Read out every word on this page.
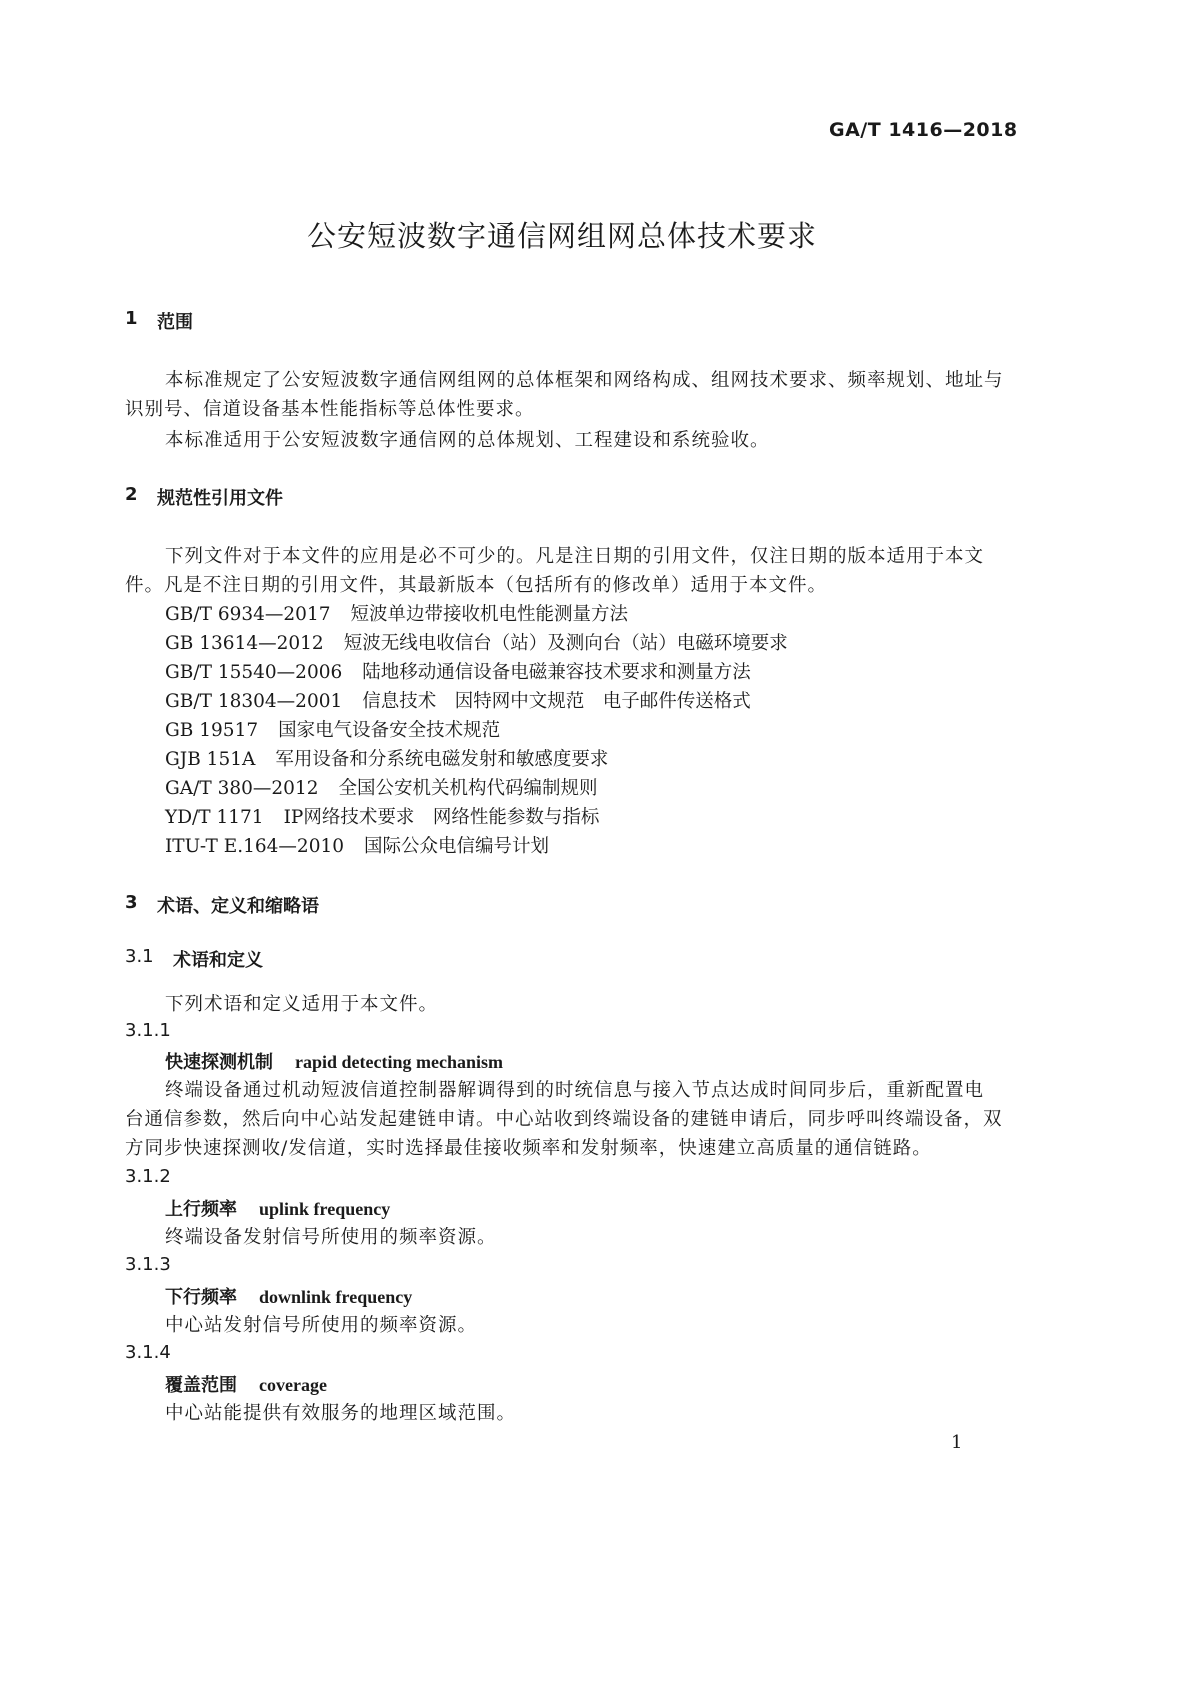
GA/T 1416—2018
公安短波数字通信网组网总体技术要求
1 范围
本标准规定了公安短波数字通信网组网的总体框架和网络构成、组网技术要求、频率规划、地址与
识别号、信道设备基本性能指标等总体性要求。
本标准适用于公安短波数字通信网的总体规划、工程建设和系统验收。
2 规范性引用文件
下列文件对于本文件的应用是必不可少的。凡是注日期的引用文件，仅注日期的版本适用于本文
件。凡是不注日期的引用文件，其最新版本（包括所有的修改单）适用于本文件。
GB/T 6934—2017 短波单边带接收机电性能测量方法
GB 13614—2012 短波无线电收信台（站）及测向台（站）电磁环境要求
GB/T 15540—2006 陆地移动通信设备电磁兼容技术要求和测量方法
GB/T 18304—2001 信息技术　因特网中文规范　电子邮件传送格式
GB 19517 国家电气设备安全技术规范
GJB 151A 军用设备和分系统电磁发射和敏感度要求
GA/T 380—2012 全国公安机关机构代码编制规则
YD/T 1171 IP网络技术要求　网络性能参数与指标
ITU-T E.164—2010 国际公众电信编号计划
3 术语、定义和缩略语
3.1 术语和定义
下列术语和定义适用于本文件。
3.1.1
快速探测机制 rapid detecting mechanism
终端设备通过机动短波信道控制器解调得到的时统信息与接入节点达成时间同步后，重新配置电
台通信参数，然后向中心站发起建链申请。中心站收到终端设备的建链申请后，同步呼叫终端设备，双
方同步快速探测收/发信道，实时选择最佳接收频率和发射频率，快速建立高质量的通信链路。
3.1.2
上行频率 uplink frequency
终端设备发射信号所使用的频率资源。
3.1.3
下行频率 downlink frequency
中心站发射信号所使用的频率资源。
3.1.4
覆盖范围 coverage
中心站能提供有效服务的地理区域范围。
1
